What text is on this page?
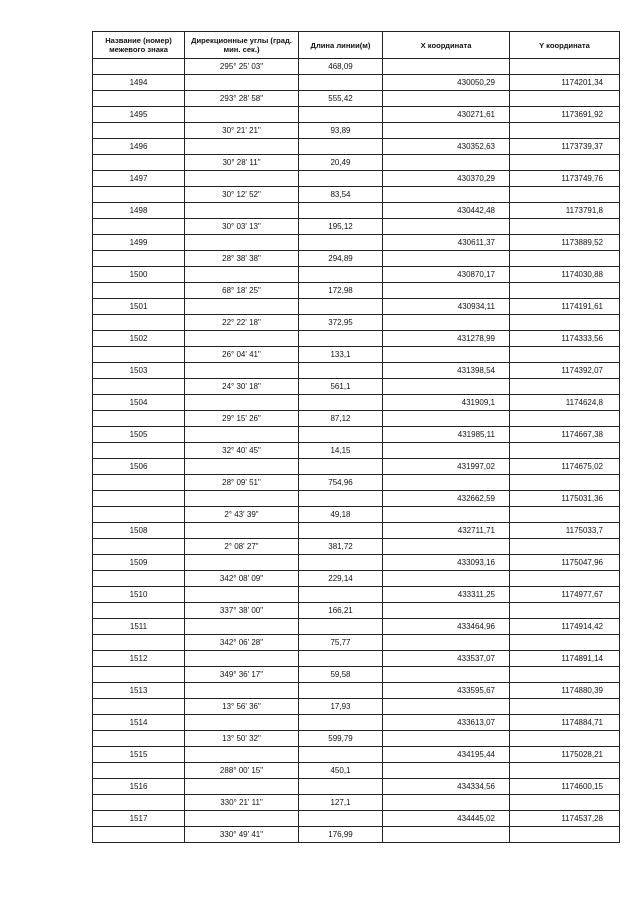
Название (номер) межевого знака	Дирекционные углы (град. мин. сек.)	Длина линии(м)	X координата	Y координата
	295° 25' 03"	468,09		
1494			430050,29	1174201,34
	293° 28' 58"	555,42		
1495			430271,61	1173691,92
	30° 21' 21"	93,89		
1496			430352,63	1173739,37
	30° 28' 11"	20,49		
1497			430370,29	1173749,76
	30° 12' 52"	83,54		
1498			430442,48	1173791,8
	30° 03' 13"	195,12		
1499			430611,37	1173889,52
	28° 38' 38"	294,89		
1500			430870,17	1174030,88
	68° 18' 25"	172,98		
1501			430934,11	1174191,61
	22° 22' 18"	372,95		
1502			431278,99	1174333,56
	26° 04' 41"	133,1		
1503			431398,54	1174392,07
	24° 30' 18"	561,1		
1504			431909,1	1174624,8
	29° 15' 26"	87,12		
1505			431985,11	1174667,38
	32° 40' 45"	14,15		
1506			431997,02	1174675,02
	28° 09' 51"	754,96		
			432662,59	1175031,36
	2° 43' 39"	49,18		
1508			432711,71	1175033,7
	2° 08' 27"	381,72		
1509			433093,16	1175047,96
	342° 08' 09"	229,14		
1510			433311,25	1174977,67
	337° 38' 00"	166,21		
1511			433464,96	1174914,42
	342° 06' 28"	75,77		
1512			433537,07	1174891,14
	349° 36' 17"	59,58		
1513			433595,67	1174880,39
	13° 56' 36"	17,93		
1514			433613,07	1174884,71
	13° 50' 32"	599,79		
1515			434195,44	1175028,21
	288° 00' 15"	450,1		
1516			434334,56	1174600,15
	330° 21' 11"	127,1		
1517			434445,02	1174537,28
	330° 49' 41"	176,99		
